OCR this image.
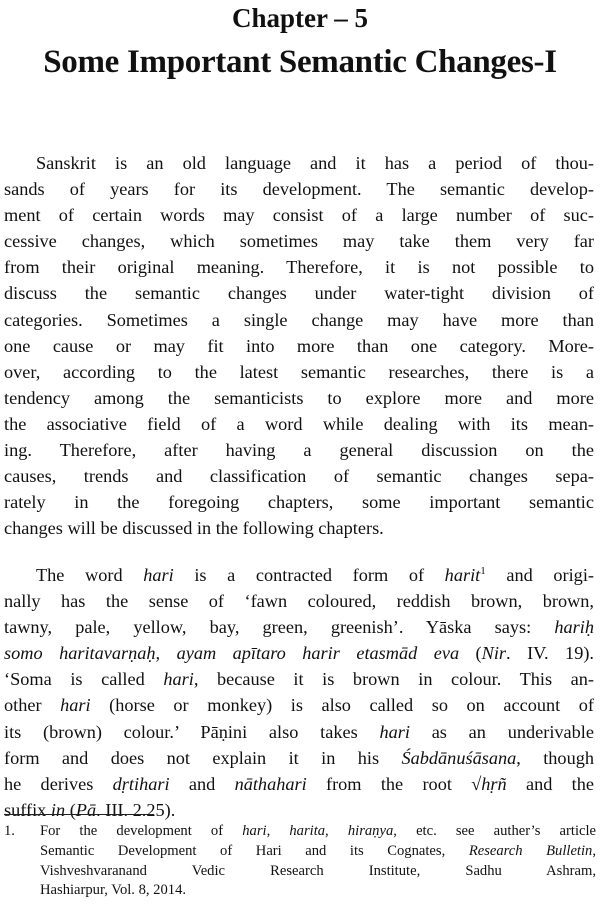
Chapter – 5
Some Important Semantic Changes-I
Sanskrit is an old language and it has a period of thou-
sands of years for its development. The semantic develop-
ment of certain words may consist of a large number of suc-
cessive changes, which sometimes may take them very far
from their original meaning. Therefore, it is not possible to
discuss the semantic changes under water-tight division of
categories. Sometimes a single change may have more than
one cause or may fit into more than one category. More-
over, according to the latest semantic researches, there is a
tendency among the semanticists to explore more and more
the associative field of a word while dealing with its mean-
ing. Therefore, after having a general discussion on the
causes, trends and classification of semantic changes sepa-
rately in the foregoing chapters, some important semantic
changes will be discussed in the following chapters.
The word hari is a contracted form of harit$^1$ and origi-
nally has the sense of ‘fawn coloured, reddish brown, brown,
tawny, pale, yellow, bay, green, greenish’. Yāska says: hariḥ
somo haritavarṇaḥ, ayam apītaro harir etasmād eva (Nir. IV. 19).
‘Soma is called hari, because it is brown in colour. This an-
other hari (horse or monkey) is also called so on account of
its (brown) colour.’ Pāṇini also takes hari as an underivable
form and does not explain it in his Śabdānuśāsana, though
he derives dṛtihari and nāthahari from the root √hṛñ and the
suffix in (Pā. III. 2.25).
1. For the development of hari, harita, hiraṇya, etc. see auther’s article
Semantic Development of Hari and its Cognates, Research Bulletin,
Vishveshvaranand Vedic Research Institute, Sadhu Ashram,
Hashiarpur, Vol. 8, 2014.
